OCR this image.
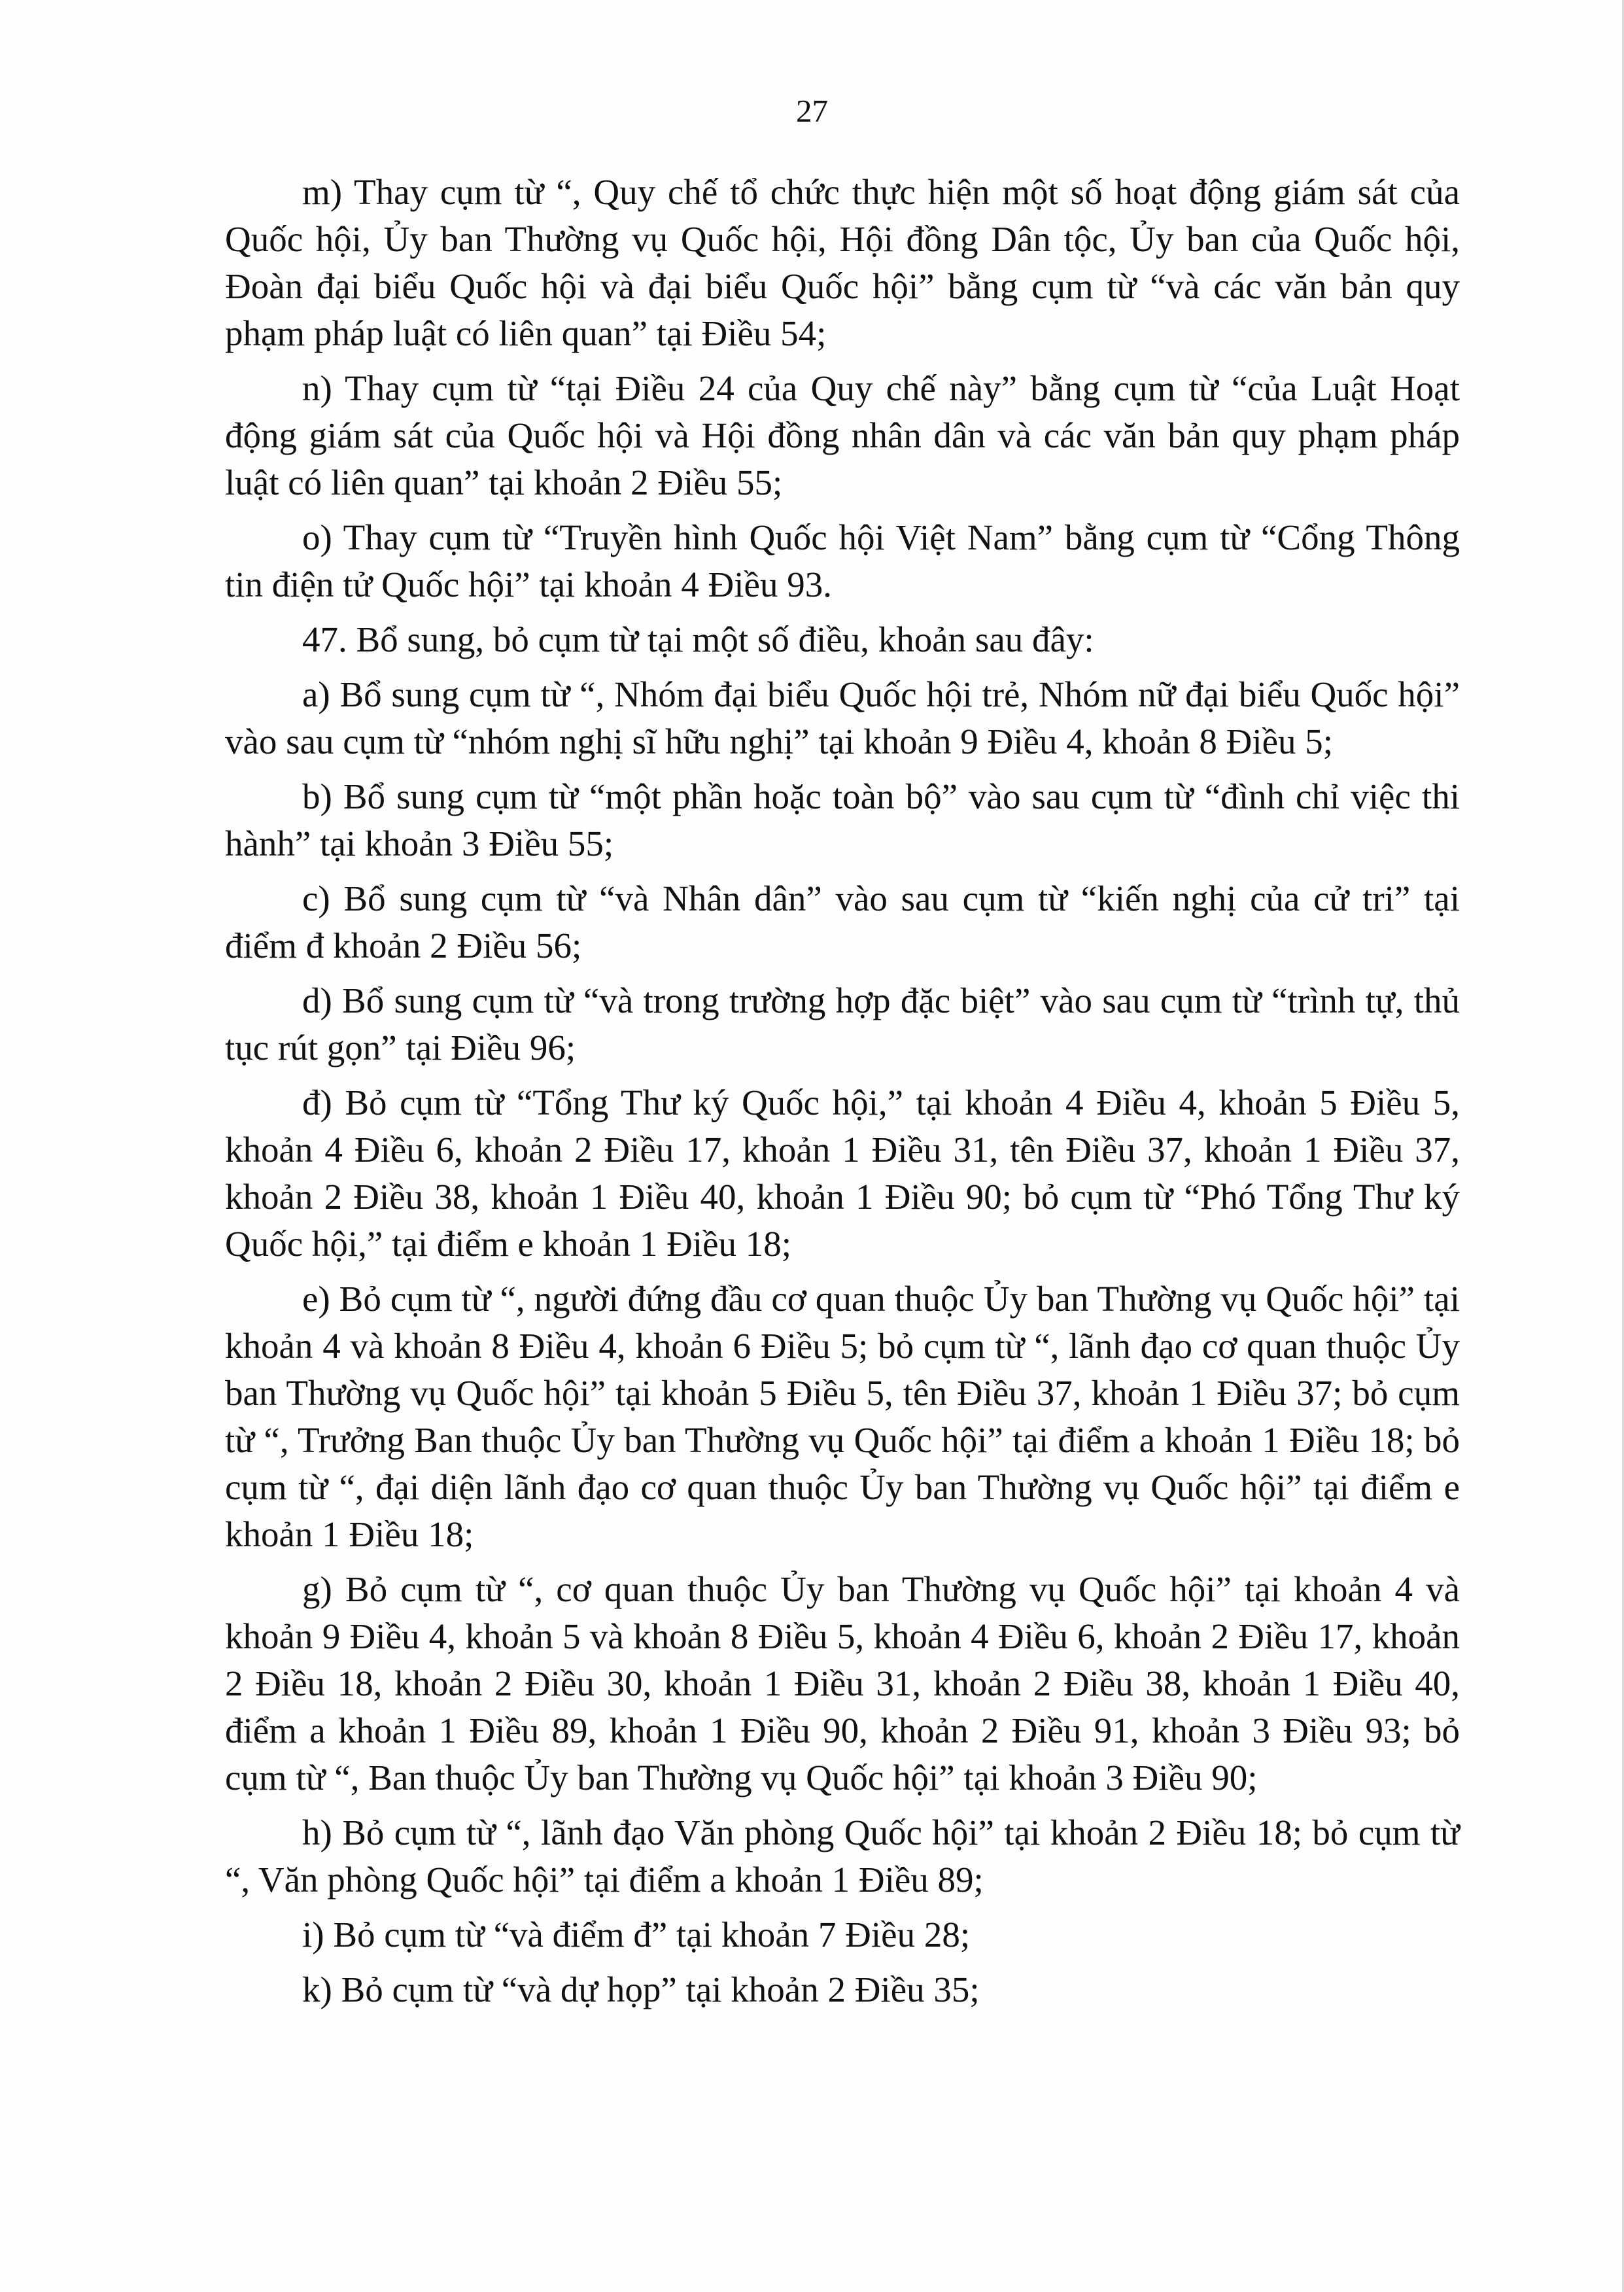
27

m) Thay cụm từ “, Quy chế tổ chức thực hiện một số hoạt động giám sát của Quốc hội, Ủy ban Thường vụ Quốc hội, Hội đồng Dân tộc, Ủy ban của Quốc hội, Đoàn đại biểu Quốc hội và đại biểu Quốc hội” bằng cụm từ “và các văn bản quy phạm pháp luật có liên quan” tại Điều 54;

n) Thay cụm từ “tại Điều 24 của Quy chế này” bằng cụm từ “của Luật Hoạt động giám sát của Quốc hội và Hội đồng nhân dân và các văn bản quy phạm pháp luật có liên quan” tại khoản 2 Điều 55;

o) Thay cụm từ “Truyền hình Quốc hội Việt Nam” bằng cụm từ “Cổng Thông tin điện tử Quốc hội” tại khoản 4 Điều 93.

47. Bổ sung, bỏ cụm từ tại một số điều, khoản sau đây:

a) Bổ sung cụm từ “, Nhóm đại biểu Quốc hội trẻ, Nhóm nữ đại biểu Quốc hội” vào sau cụm từ “nhóm nghị sĩ hữu nghị” tại khoản 9 Điều 4, khoản 8 Điều 5;

b) Bổ sung cụm từ “một phần hoặc toàn bộ” vào sau cụm từ “đình chỉ việc thi hành” tại khoản 3 Điều 55;

c) Bổ sung cụm từ “và Nhân dân” vào sau cụm từ “kiến nghị của cử tri” tại điểm đ khoản 2 Điều 56;

d) Bổ sung cụm từ “và trong trường hợp đặc biệt” vào sau cụm từ “trình tự, thủ tục rút gọn” tại Điều 96;

đ) Bỏ cụm từ “Tổng Thư ký Quốc hội,” tại khoản 4 Điều 4, khoản 5 Điều 5, khoản 4 Điều 6, khoản 2 Điều 17, khoản 1 Điều 31, tên Điều 37, khoản 1 Điều 37, khoản 2 Điều 38, khoản 1 Điều 40, khoản 1 Điều 90; bỏ cụm từ “Phó Tổng Thư ký Quốc hội,” tại điểm e khoản 1 Điều 18;

e) Bỏ cụm từ “, người đứng đầu cơ quan thuộc Ủy ban Thường vụ Quốc hội” tại khoản 4 và khoản 8 Điều 4, khoản 6 Điều 5; bỏ cụm từ “, lãnh đạo cơ quan thuộc Ủy ban Thường vụ Quốc hội” tại khoản 5 Điều 5, tên Điều 37, khoản 1 Điều 37; bỏ cụm từ “, Trưởng Ban thuộc Ủy ban Thường vụ Quốc hội” tại điểm a khoản 1 Điều 18; bỏ cụm từ “, đại diện lãnh đạo cơ quan thuộc Ủy ban Thường vụ Quốc hội” tại điểm e khoản 1 Điều 18;

g) Bỏ cụm từ “, cơ quan thuộc Ủy ban Thường vụ Quốc hội” tại khoản 4 và khoản 9 Điều 4, khoản 5 và khoản 8 Điều 5, khoản 4 Điều 6, khoản 2 Điều 17, khoản 2 Điều 18, khoản 2 Điều 30, khoản 1 Điều 31, khoản 2 Điều 38, khoản 1 Điều 40, điểm a khoản 1 Điều 89, khoản 1 Điều 90, khoản 2 Điều 91, khoản 3 Điều 93; bỏ cụm từ “, Ban thuộc Ủy ban Thường vụ Quốc hội” tại khoản 3 Điều 90;

h) Bỏ cụm từ “, lãnh đạo Văn phòng Quốc hội” tại khoản 2 Điều 18; bỏ cụm từ “, Văn phòng Quốc hội” tại điểm a khoản 1 Điều 89;

i) Bỏ cụm từ “và điểm đ” tại khoản 7 Điều 28;

k) Bỏ cụm từ “và dự họp” tại khoản 2 Điều 35;
